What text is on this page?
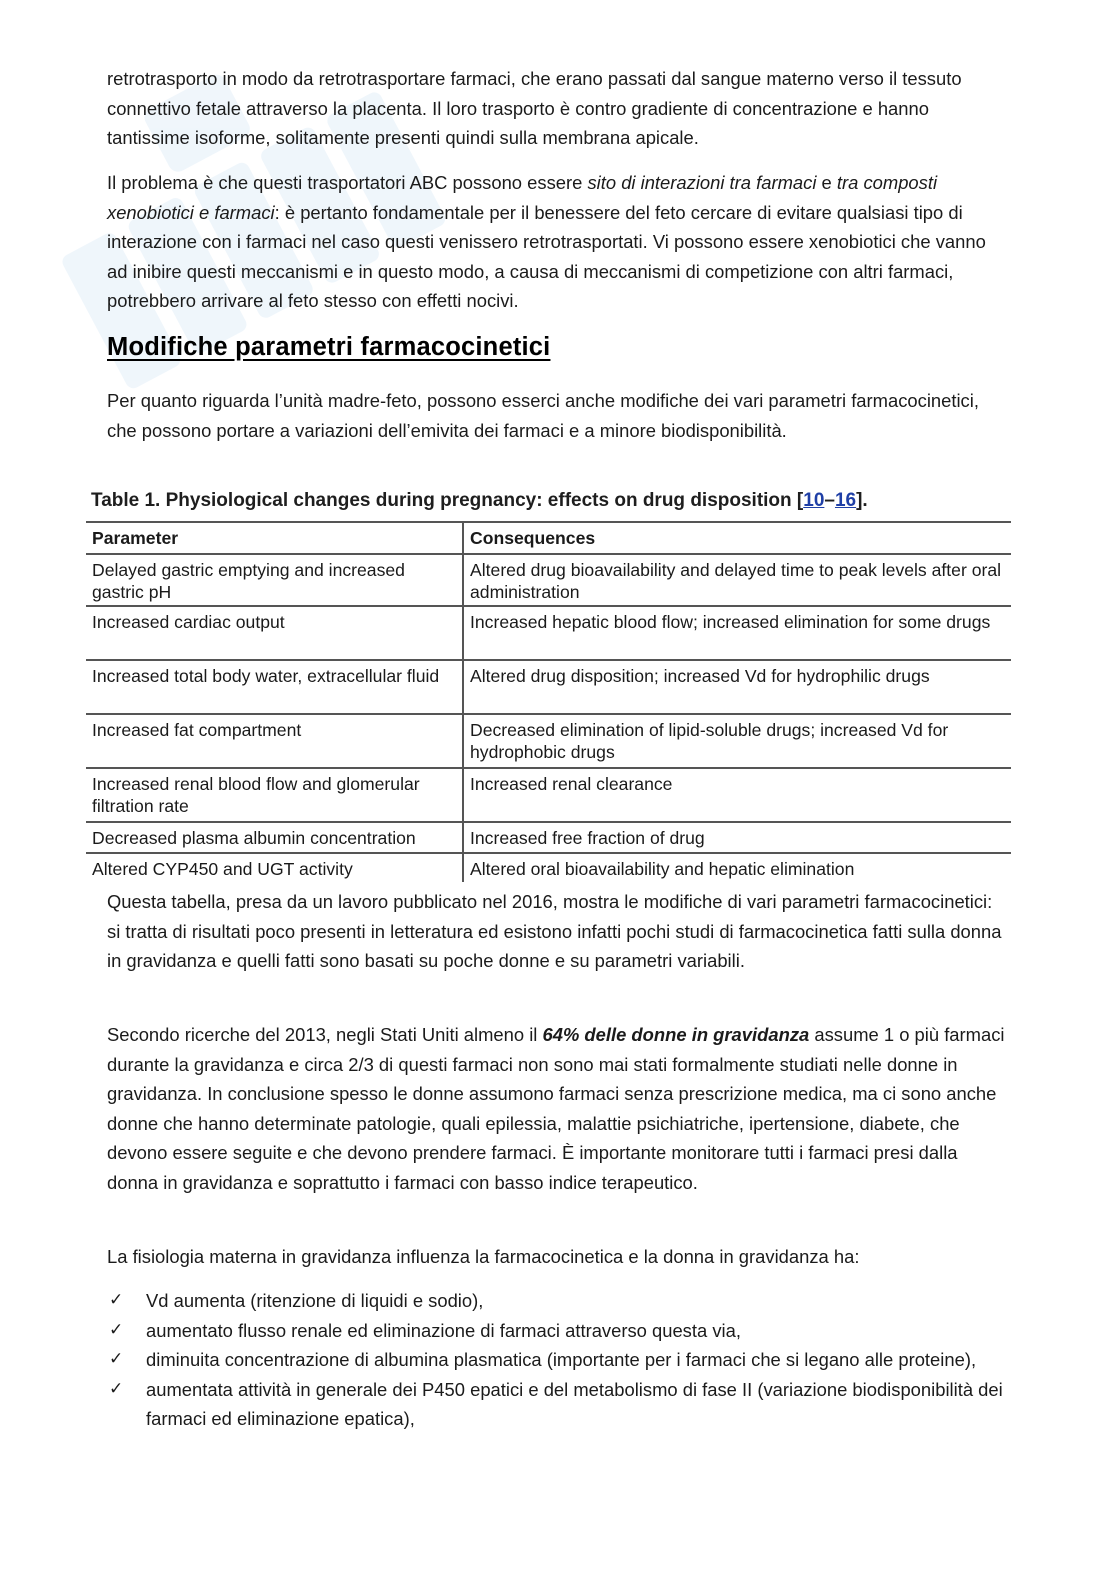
retrotrasporto in modo da retrotrasportare farmaci, che erano passati dal sangue materno verso il tessuto connettivo fetale attraverso la placenta. Il loro trasporto è contro gradiente di concentrazione e hanno tantissime isoforme, solitamente presenti quindi sulla membrana apicale.

Il problema è che questi trasportatori ABC possono essere sito di interazioni tra farmaci e tra composti xenobiotici e farmaci: è pertanto fondamentale per il benessere del feto cercare di evitare qualsiasi tipo di interazione con i farmaci nel caso questi venissero retrotrasportati. Vi possono essere xenobiotici che vanno ad inibire questi meccanismi e in questo modo, a causa di meccanismi di competizione con altri farmaci, potrebbero arrivare al feto stesso con effetti nocivi.

Modifiche parametri farmacocinetici

Per quanto riguarda l’unità madre-feto, possono esserci anche modifiche dei vari parametri farmacocinetici, che possono portare a variazioni dell’emivita dei farmaci e a minore biodisponibilità.

Table 1. Physiological changes during pregnancy: effects on drug disposition [10–16].

Parameter	Consequences
Delayed gastric emptying and increased gastric pH	Altered drug bioavailability and delayed time to peak levels after oral administration
Increased cardiac output	Increased hepatic blood flow; increased elimination for some drugs
Increased total body water, extracellular fluid	Altered drug disposition; increased Vd for hydrophilic drugs
Increased fat compartment	Decreased elimination of lipid-soluble drugs; increased Vd for hydrophobic drugs
Increased renal blood flow and glomerular filtration rate	Increased renal clearance
Decreased plasma albumin concentration	Increased free fraction of drug
Altered CYP450 and UGT activity	Altered oral bioavailability and hepatic elimination

Questa tabella, presa da un lavoro pubblicato nel 2016, mostra le modifiche di vari parametri farmacocinetici: si tratta di risultati poco presenti in letteratura ed esistono infatti pochi studi di farmacocinetica fatti sulla donna in gravidanza e quelli fatti sono basati su poche donne e su parametri variabili.

Secondo ricerche del 2013, negli Stati Uniti almeno il 64% delle donne in gravidanza assume 1 o più farmaci durante la gravidanza e circa 2/3 di questi farmaci non sono mai stati formalmente studiati nelle donne in gravidanza. In conclusione spesso le donne assumono farmaci senza prescrizione medica, ma ci sono anche donne che hanno determinate patologie, quali epilessia, malattie psichiatriche, ipertensione, diabete, che devono essere seguite e che devono prendere farmaci. È importante monitorare tutti i farmaci presi dalla donna in gravidanza e soprattutto i farmaci con basso indice terapeutico.

La fisiologia materna in gravidanza influenza la farmacocinetica e la donna in gravidanza ha:

✓ Vd aumenta (ritenzione di liquidi e sodio),
✓ aumentato flusso renale ed eliminazione di farmaci attraverso questa via,
✓ diminuita concentrazione di albumina plasmatica (importante per i farmaci che si legano alle proteine),
✓ aumentata attività in generale dei P450 epatici e del metabolismo di fase II (variazione biodisponibilità dei farmaci ed eliminazione epatica),
